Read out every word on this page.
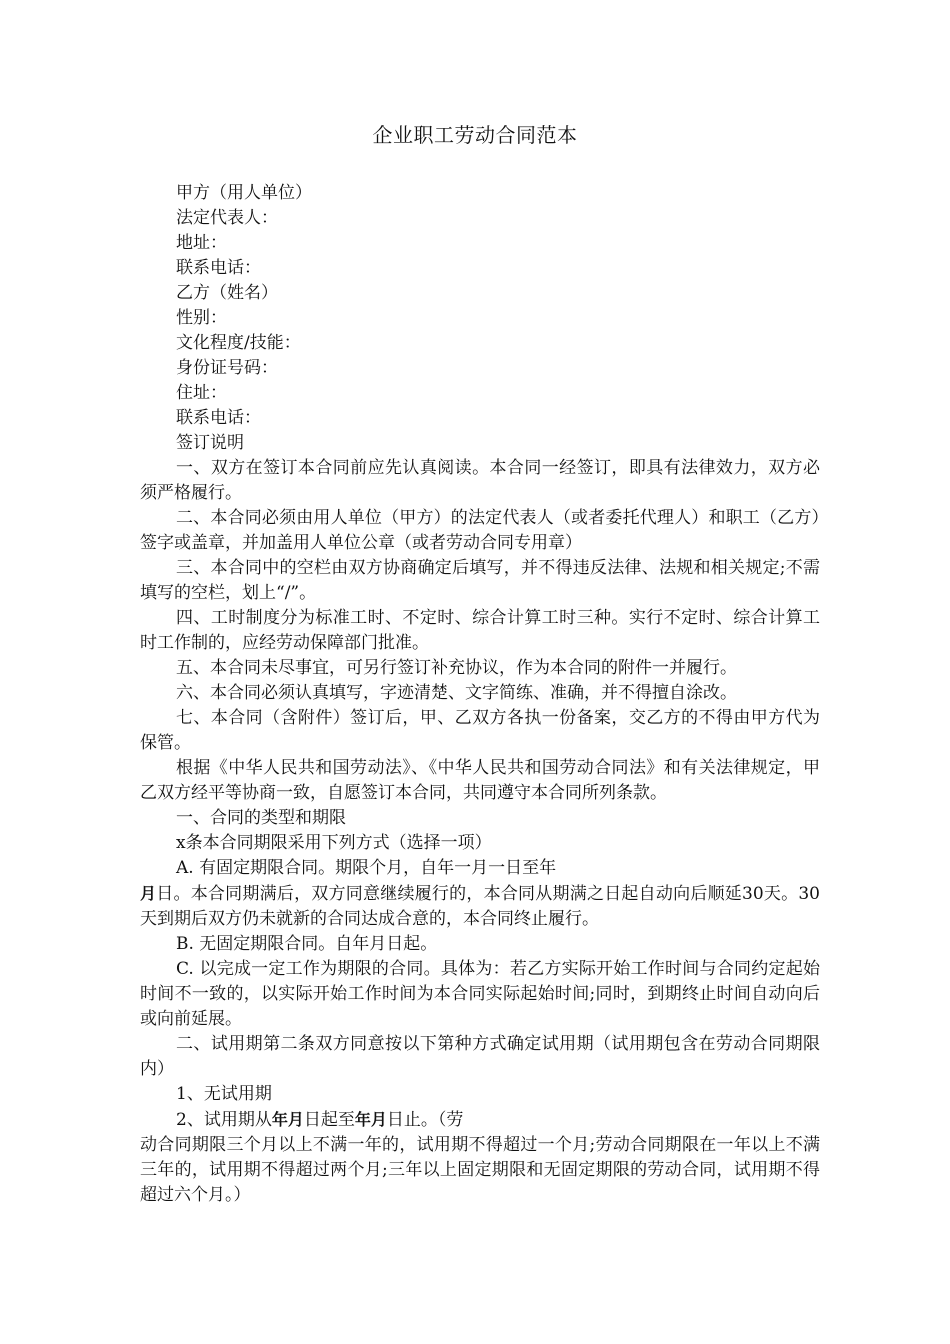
企业职工劳动合同范本

甲方（用人单位）

法定代表人：

地址：

联系电话：

乙方（姓名）

性别：

文化程度/技能：

身份证号码：

住址：

联系电话：

签订说明

一、双方在签订本合同前应先认真阅读。本合同一经签订，即具有法律效力，双方必须严格履行。

二、本合同必须由用人单位（甲方）的法定代表人（或者委托代理人）和职工（乙方）签字或盖章，并加盖用人单位公章（或者劳动合同专用章）

三、本合同中的空栏由双方协商确定后填写，并不得违反法律、法规和相关规定;不需填写的空栏，划上“/”。

四、工时制度分为标准工时、不定时、综合计算工时三种。实行不定时、综合计算工时工作制的，应经劳动保障部门批准。

五、本合同未尽事宜，可另行签订补充协议，作为本合同的附件一并履行。

六、本合同必须认真填写，字迹清楚、文字简练、准确，并不得擅自涂改。

七、本合同（含附件）签订后，甲、乙双方各执一份备案，交乙方的不得由甲方代为保管。

根据《中华人民共和国劳动法》、《中华人民共和国劳动合同法》和有关法律规定，甲乙双方经平等协商一致，自愿签订本合同，共同遵守本合同所列条款。

一、合同的类型和期限

x条本合同期限采用下列方式（选择一项）

A. 有固定期限合同。期限个月，自年一月一日至年

月日。本合同期满后，双方同意继续履行的，本合同从期满之日起自动向后顺延30天。30天到期后双方仍未就新的合同达成合意的，本合同终止履行。

B. 无固定期限合同。自年月日起。

C. 以完成一定工作为期限的合同。具体为：若乙方实际开始工作时间与合同约定起始时间不一致的，以实际开始工作时间为本合同实际起始时间;同时，到期终止时间自动向后或向前延展。

二、试用期第二条双方同意按以下第种方式确定试用期（试用期包含在劳动合同期限内）

1、无试用期

2、试用期从年月日起至年月日止。（劳

动合同期限三个月以上不满一年的，试用期不得超过一个月;劳动合同期限在一年以上不满三年的，试用期不得超过两个月;三年以上固定期限和无固定期限的劳动合同，试用期不得超过六个月。）
